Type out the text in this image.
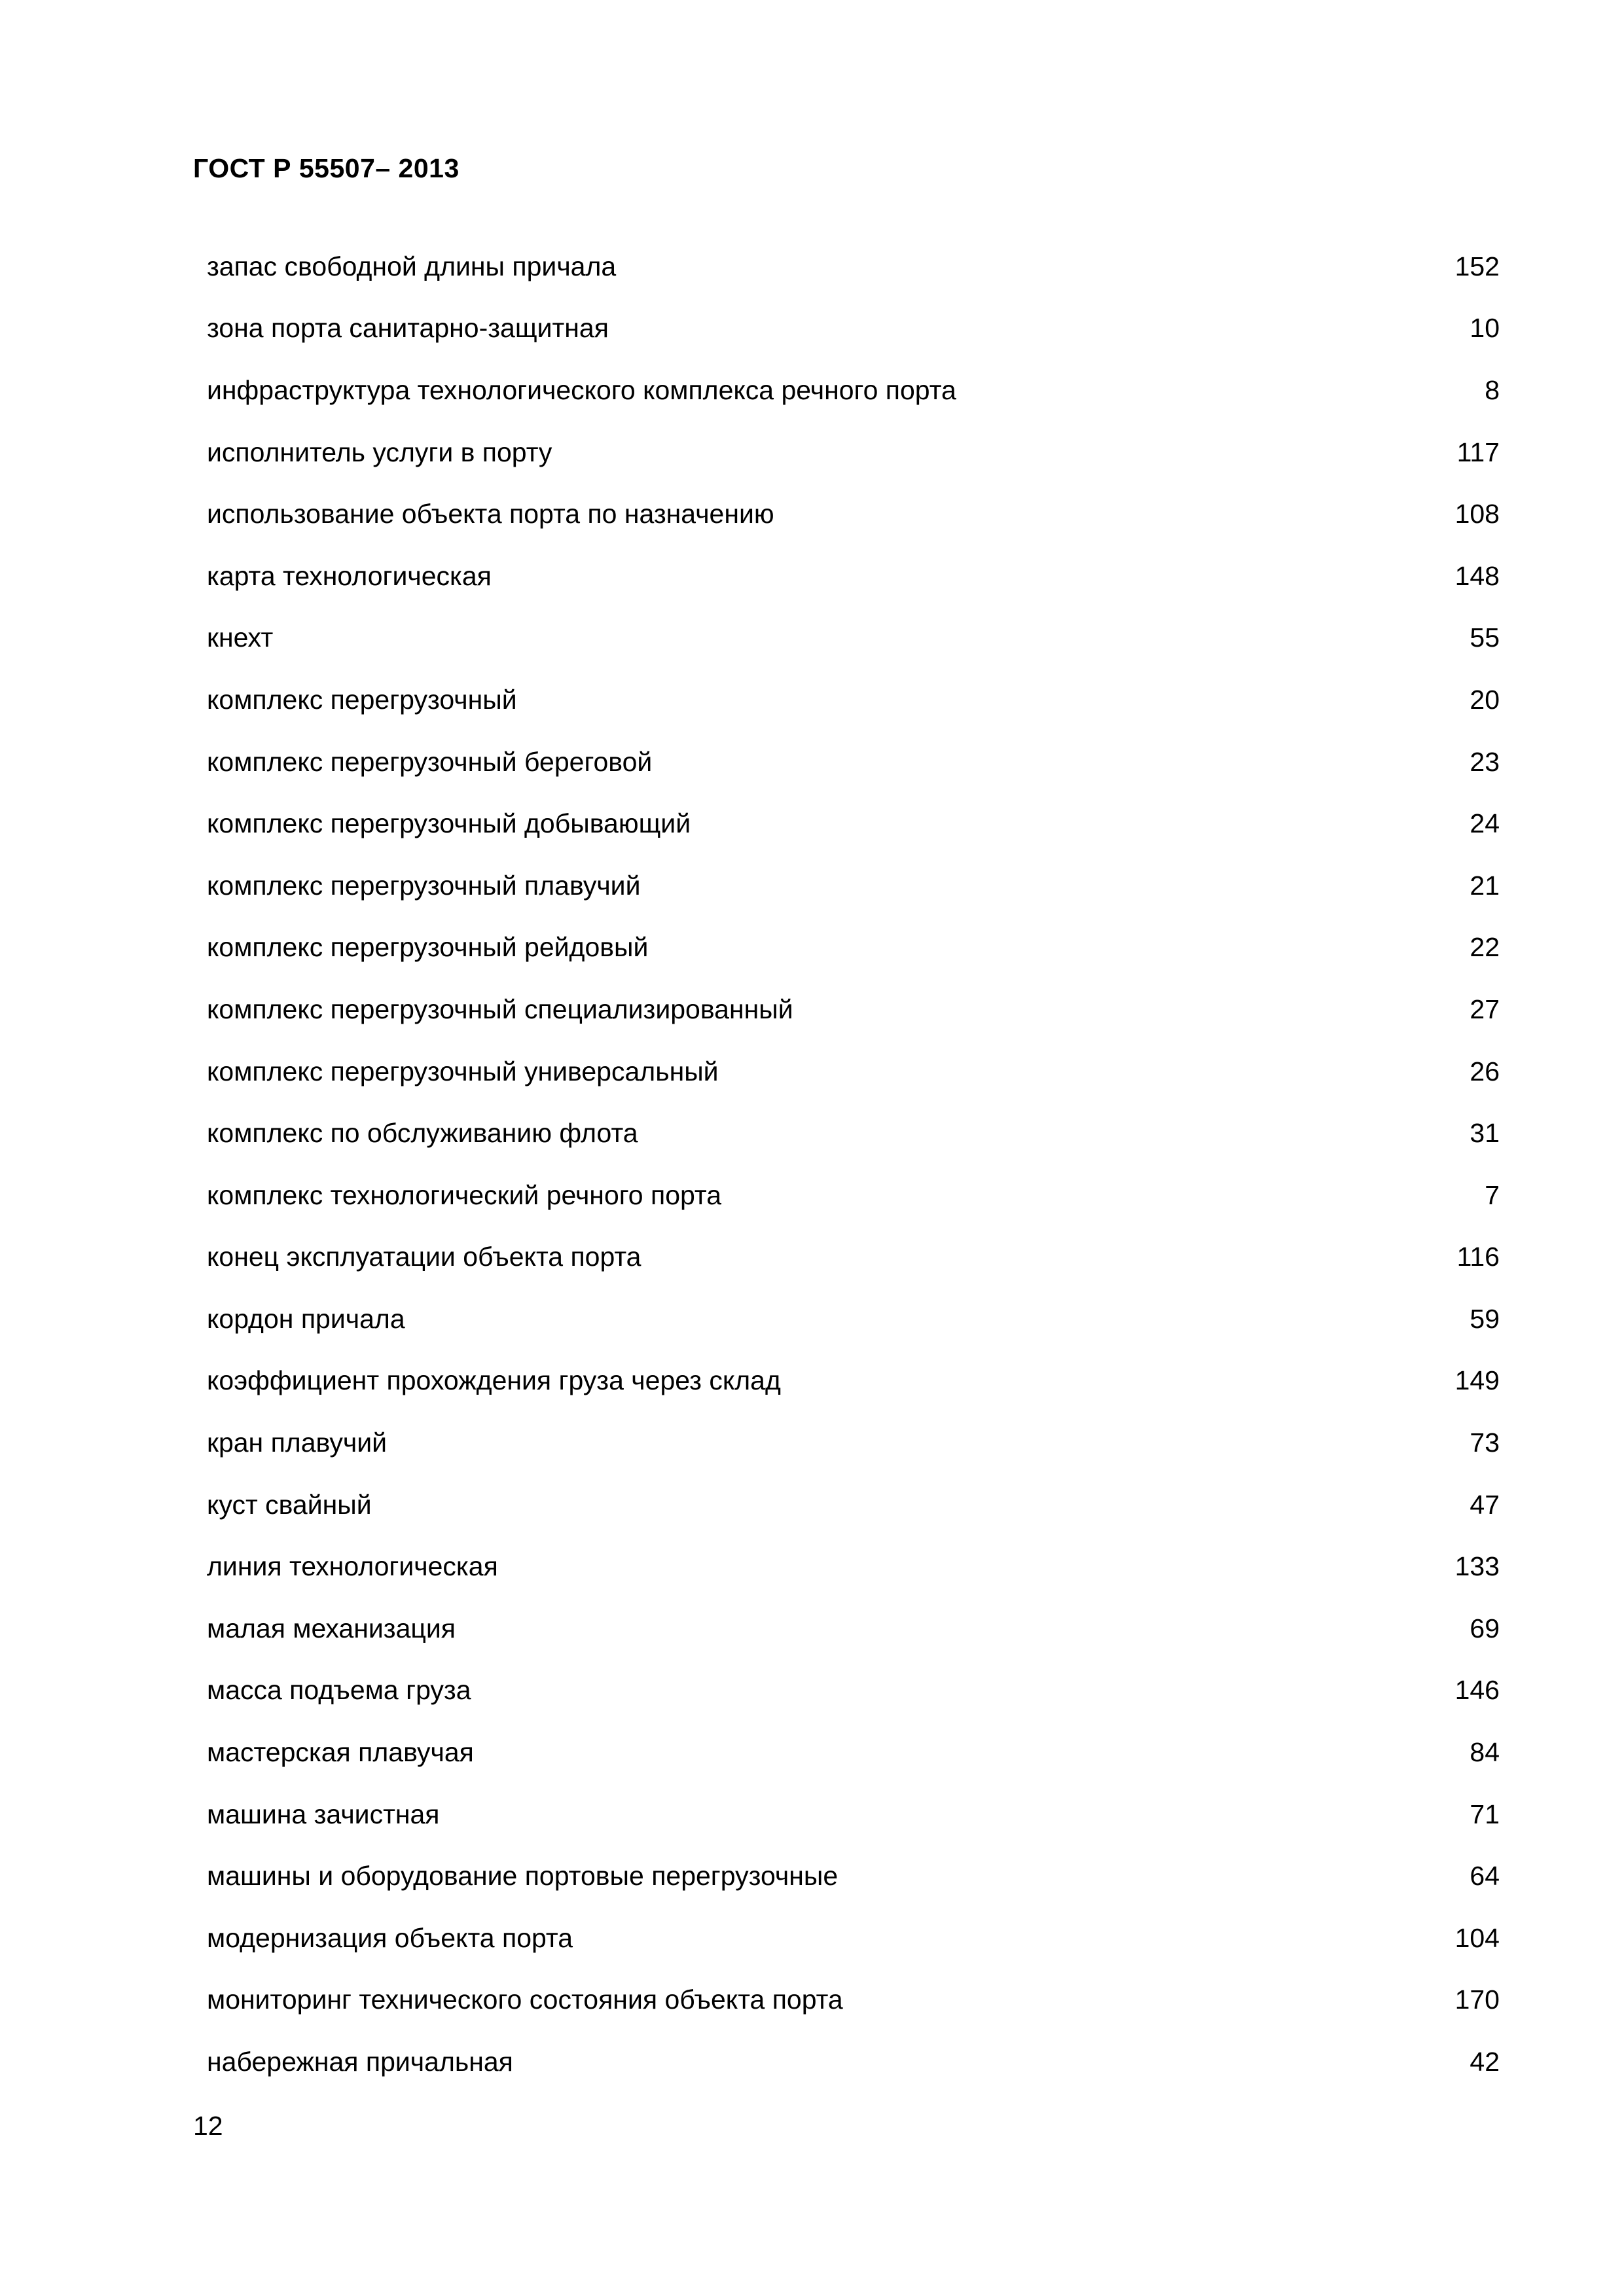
ГОСТ Р 55507– 2013
запас свободной длины причала	152
зона порта санитарно-защитная	10
инфраструктура технологического комплекса речного порта	8
исполнитель услуги в порту	117
использование объекта порта по назначению	108
карта технологическая	148
кнехт	55
комплекс перегрузочный	20
комплекс перегрузочный береговой	23
комплекс перегрузочный добывающий	24
комплекс перегрузочный плавучий	21
комплекс перегрузочный рейдовый	22
комплекс перегрузочный специализированный	27
комплекс перегрузочный универсальный	26
комплекс по обслуживанию флота	31
комплекс технологический речного порта	7
конец эксплуатации объекта порта	116
кордон причала	59
коэффициент прохождения груза через склад	149
кран плавучий	73
куст свайный	47
линия технологическая	133
малая механизация	69
масса подъема груза	146
мастерская плавучая	84
машина зачистная	71
машины и оборудование портовые перегрузочные	64
модернизация объекта порта	104
мониторинг технического состояния объекта порта	170
набережная причальная	42
12
